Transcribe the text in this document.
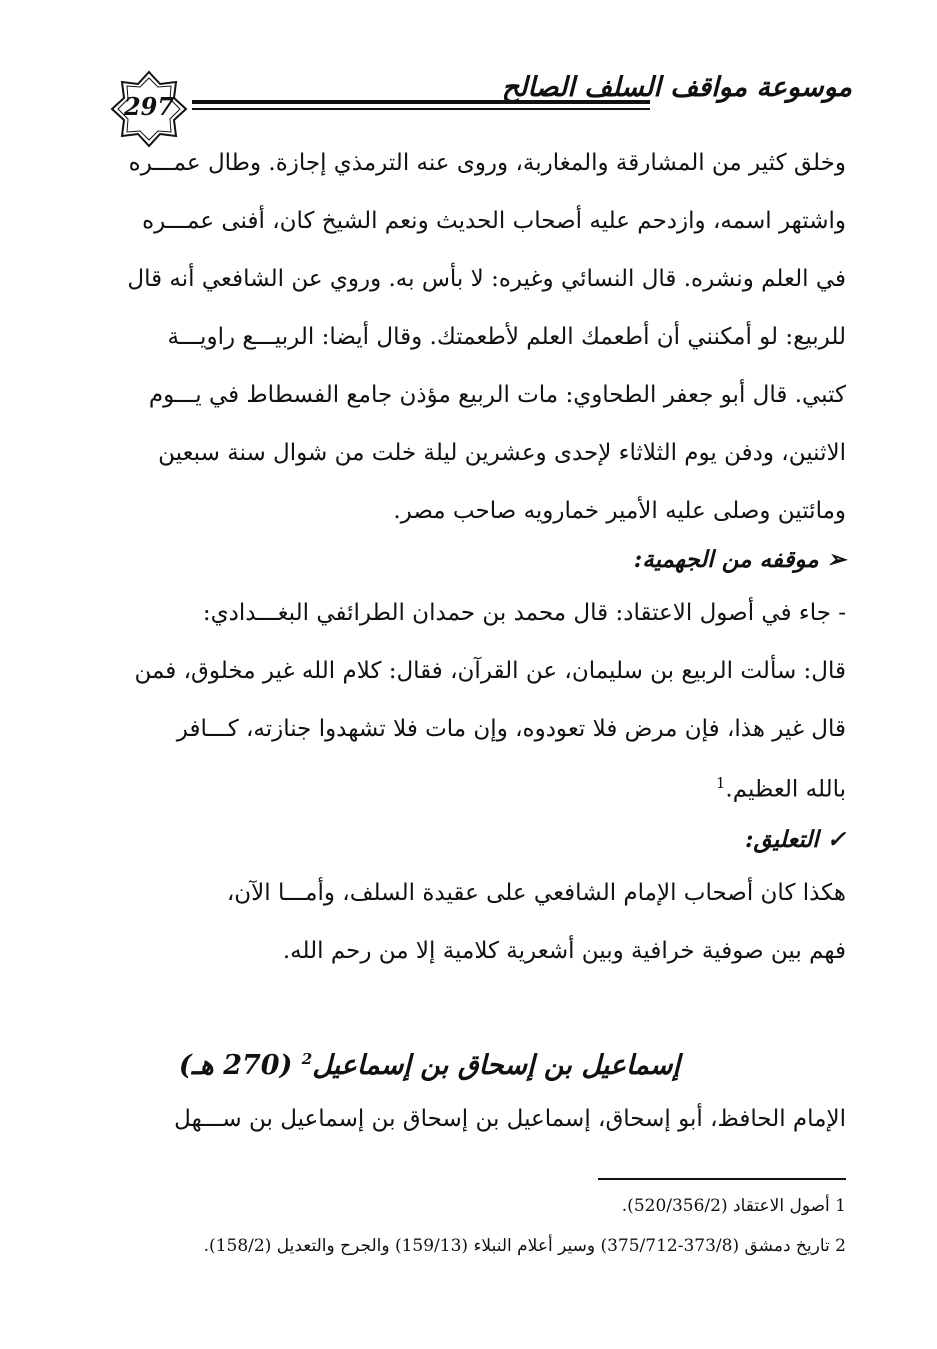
297
موسوعة مواقف السلف الصالح
وخلق كثير من المشارقة والمغاربة، وروى عنه الترمذي إجازة. وطال عمـــره
واشتهر اسمه، وازدحم عليه أصحاب الحديث ونعم الشيخ كان، أفنى عمـــره
في العلم ونشره. قال النسائي وغيره: لا بأس به. وروي عن الشافعي أنه قال
للربيع: لو أمكنني أن أطعمك العلم لأطعمتك. وقال أيضا: الربيـــع راويـــة
كتبي. قال أبو جعفر الطحاوي: مات الربيع مؤذن جامع الفسطاط في يـــوم
الاثنين، ودفن يوم الثلاثاء لإحدى وعشرين ليلة خلت من شوال سنة سبعين
ومائتين وصلى عليه الأمير خمارويه صاحب مصر.
➢ موقفه من الجهمية:
- جاء في أصول الاعتقاد: قال محمد بن حمدان الطرائفي البغـــدادي:
قال: سألت الربيع بن سليمان، عن القرآن، فقال: كلام الله غير مخلوق، فمن
قال غير هذا، فإن مرض فلا تعودوه، وإن مات فلا تشهدوا جنازته، كـــافر
بالله العظيم.$^1$
✓ التعليق:
هكذا كان أصحاب الإمام الشافعي على عقيدة السلف، وأمـــا الآن،
فهم بين صوفية خرافية وبين أشعرية كلامية إلا من رحم الله.
إسماعيل بن إسحاق بن إسماعيل$^2$ (270 هـ)
الإمام الحافظ، أبو إسحاق، إسماعيل بن إسحاق بن إسماعيل بن ســـهل
1 أصول الاعتقاد (520/356/2).
2 تاريخ دمشق (373/8-375/712) وسير أعلام النبلاء (159/13) والجرح والتعديل (158/2).
